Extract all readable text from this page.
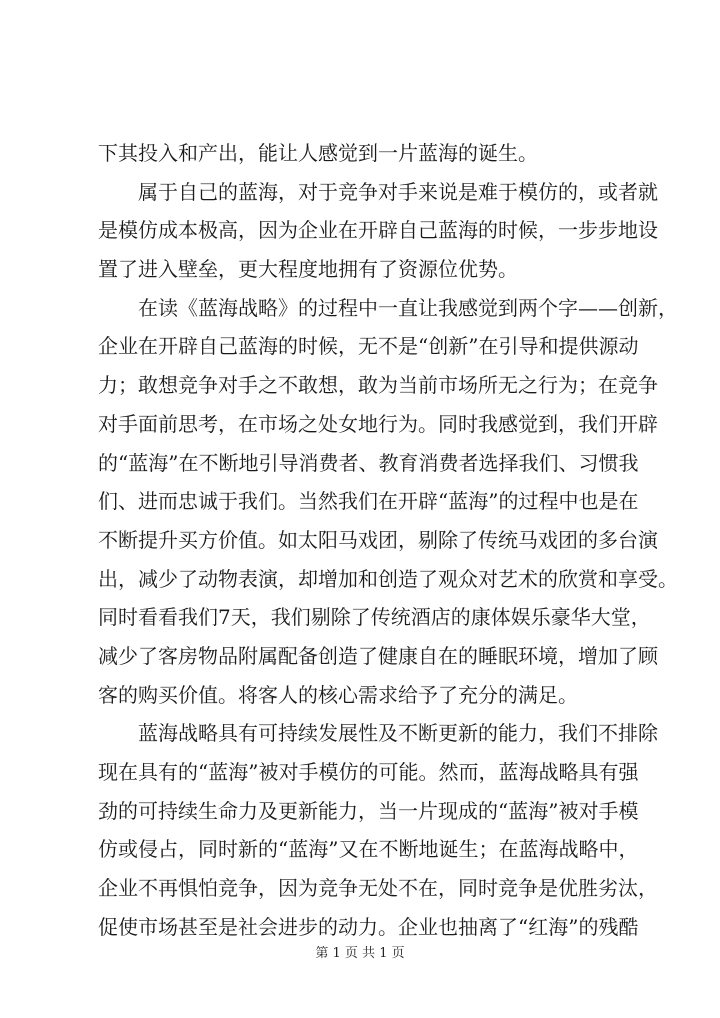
下其投入和产出，能让人感觉到一片蓝海的诞生。
　　属于自己的蓝海，对于竞争对手来说是难于模仿的，或者就
是模仿成本极高，因为企业在开辟自己蓝海的时候，一步步地设
置了进入壁垒，更大程度地拥有了资源位优势。
　　在读《蓝海战略》的过程中一直让我感觉到两个字——创新，
企业在开辟自己蓝海的时候，无不是“创新”在引导和提供源动
力；敢想竞争对手之不敢想，敢为当前市场所无之行为；在竞争
对手面前思考，在市场之处女地行为。同时我感觉到，我们开辟
的“蓝海”在不断地引导消费者、教育消费者选择我们、习惯我
们、进而忠诚于我们。当然我们在开辟“蓝海”的过程中也是在
不断提升买方价值。如太阳马戏团，剔除了传统马戏团的多台演
出，减少了动物表演，却增加和创造了观众对艺术的欣赏和享受。
同时看看我们7天，我们剔除了传统酒店的康体娱乐豪华大堂，
减少了客房物品附属配备创造了健康自在的睡眠环境，增加了顾
客的购买价值。将客人的核心需求给予了充分的满足。
　　蓝海战略具有可持续发展性及不断更新的能力，我们不排除
现在具有的“蓝海”被对手模仿的可能。然而，蓝海战略具有强
劲的可持续生命力及更新能力，当一片现成的“蓝海”被对手模
仿或侵占，同时新的“蓝海”又在不断地诞生；在蓝海战略中，
企业不再惧怕竞争，因为竞争无处不在，同时竞争是优胜劣汰，
促使市场甚至是社会进步的动力。企业也抽离了“红海”的残酷
第 1 页 共 1 页
